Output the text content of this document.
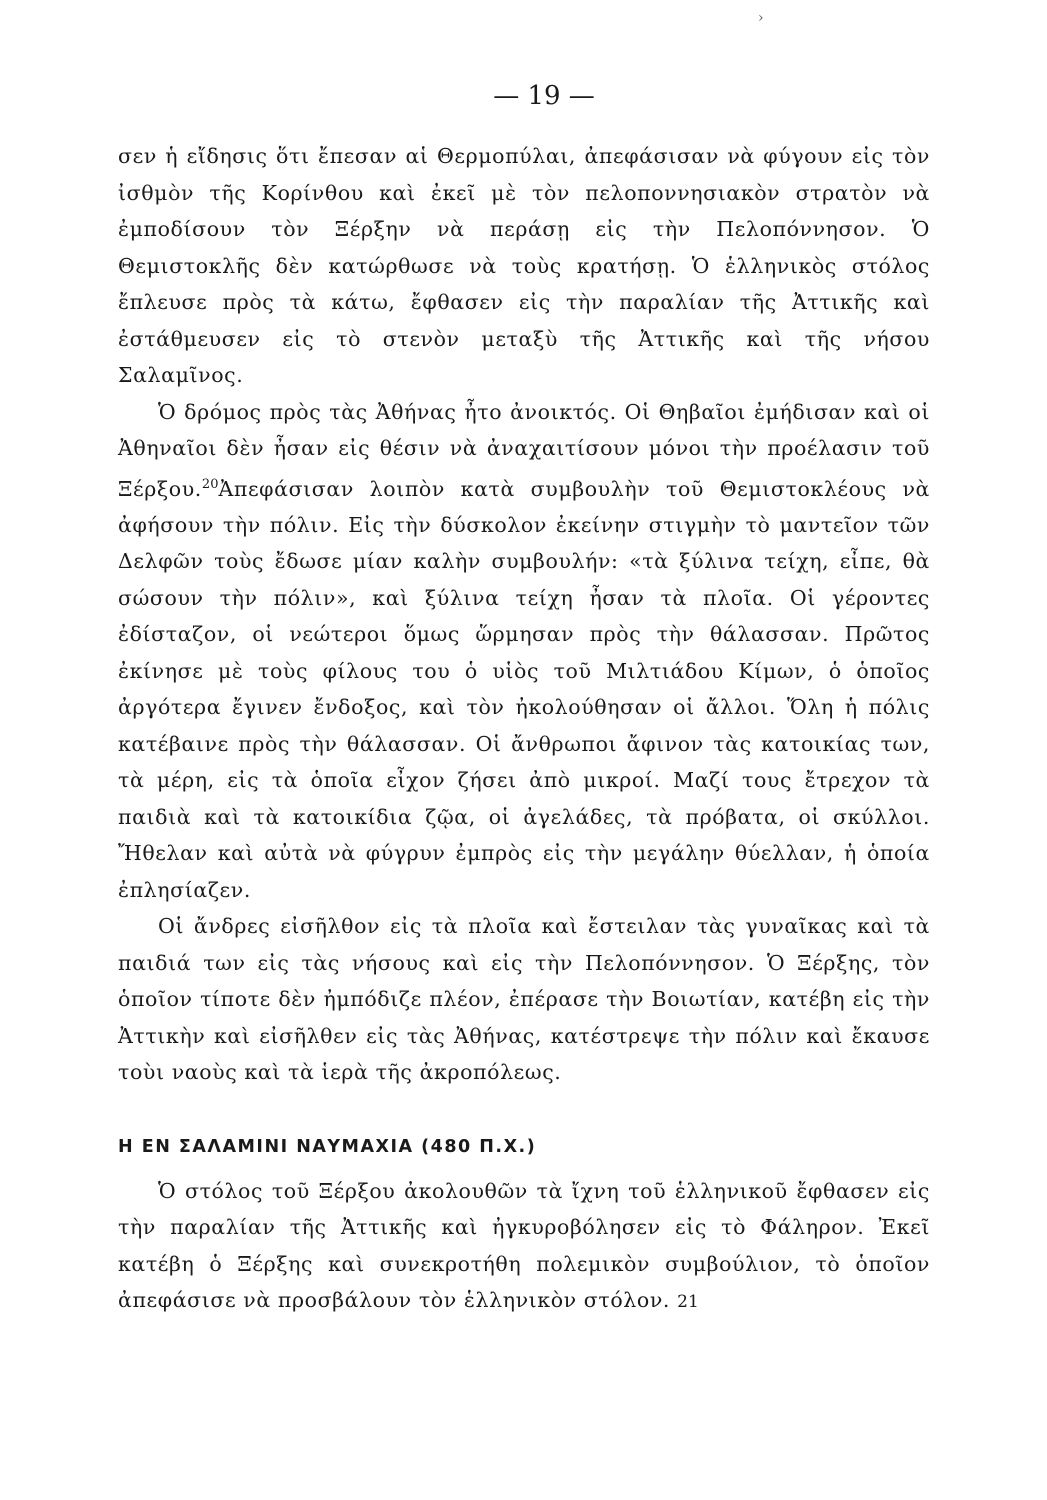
›
— 19 —

σεν ἡ εἴδησις ὅτι ἔπεσαν αἱ Θερμοπύλαι, ἀπεφάσισαν νὰ φύγουν εἰς τὸν ἰσθμὸν τῆς Κορίνθου καὶ ἐκεῖ μὲ τὸν πελοποννησιακὸν στρατὸν νὰ ἐμποδίσουν τὸν Ξέρξην νὰ περάσῃ εἰς τὴν Πελοπόννησον. Ὁ Θεμιστοκλῆς δὲν κατώρθωσε νὰ τοὺς κρατήσῃ. Ὁ ἑλληνικὸς στόλος ἔπλευσε πρὸς τὰ κάτω, ἔφθασεν εἰς τὴν παραλίαν τῆς Ἀττικῆς καὶ ἐστάθμευσεν εἰς τὸ στενὸν μεταξὺ τῆς Ἀττικῆς καὶ τῆς νήσου Σαλαμῖνος.

Ὁ δρόμος πρὸς τὰς Ἀθήνας ἦτο ἀνοικτός. Οἱ Θηβαῖοι ἐμήδισαν καὶ οἱ Ἀθηναῖοι δὲν ἦσαν εἰς θέσιν νὰ ἀναχαιτίσουν μόνοι τὴν προέλασιν τοῦ Ξέρξου.$^{20}$Ἀπεφάσισαν λοιπὸν κατὰ συμβουλὴν τοῦ Θεμιστοκλέους νὰ ἀφήσουν τὴν πόλιν. Εἰς τὴν δύσκολον ἐκείνην στιγμὴν τὸ μαντεῖον τῶν Δελφῶν τοὺς ἔδωσε μίαν καλὴν συμβουλήν: «τὰ ξύλινα τείχη, εἶπε, θὰ σώσουν τὴν πόλιν», καὶ ξύλινα τείχη ἦσαν τὰ πλοῖα. Οἱ γέροντες ἐδίσταζον, οἱ νεώτεροι ὅμως ὥρμησαν πρὸς τὴν θάλασσαν. Πρῶτος ἐκίνησε μὲ τοὺς φίλους του ὁ υἱὸς τοῦ Μιλτιάδου Κίμων, ὁ ὁποῖος ἀργότερα ἔγινεν ἔνδοξος, καὶ τὸν ἠκολούθησαν οἱ ἄλλοι. Ὅλη ἡ πόλις κατέβαινε πρὸς τὴν θάλασσαν. Οἱ ἄνθρωποι ἄφινον τὰς κατοικίας των, τὰ μέρη, εἰς τὰ ὁποῖα εἶχον ζήσει ἀπὸ μικροί. Μαζί τους ἔτρεχον τὰ παιδιὰ καὶ τὰ κατοικίδια ζῷα, οἱ ἀγελάδες, τὰ πρόβατα, οἱ σκύλλοι. Ἤθελαν καὶ αὐτὰ νὰ φύγρυν ἐμπρὸς εἰς τὴν μεγάλην θύελλαν, ἡ ὁποία ἐπλησίαζεν.

Οἱ ἄνδρες εἰσῆλθον εἰς τὰ πλοῖα καὶ ἔστειλαν τὰς γυναῖκας καὶ τὰ παιδιά των εἰς τὰς νήσους καὶ εἰς τὴν Πελοπόννησον. Ὁ Ξέρξης, τὸν ὁποῖον τίποτε δὲν ἠμπόδιζε πλέον, ἐπέρασε τὴν Βοιωτίαν, κατέβη εἰς τὴν Ἀττικὴν καὶ εἰσῆλθεν εἰς τὰς Ἀθήνας, κατέστρεψε τὴν πόλιν καὶ ἔκαυσε τοὺι ναοὺς καὶ τὰ ἱερὰ τῆς ἀκροπόλεως.

Η ΕΝ ΣΑΛΑΜΙΝΙ ΝΑΥΜΑΧΙΑ (480 Π.Χ.)

Ὁ στόλος τοῦ Ξέρξου ἀκολουθῶν τὰ ἴχνη τοῦ ἑλληνικοῦ ἔφθασεν εἰς τὴν παραλίαν τῆς Ἀττικῆς καὶ ἠγκυροβόλησεν εἰς τὸ Φάληρον. Ἐκεῖ κατέβη ὁ Ξέρξης καὶ συνεκροτήθη πολεμικὸν συμβούλιον, τὸ ὁποῖον ἀπεφάσισε νὰ προσβάλουν τὸν ἑλληνικὸν στόλον. 21
